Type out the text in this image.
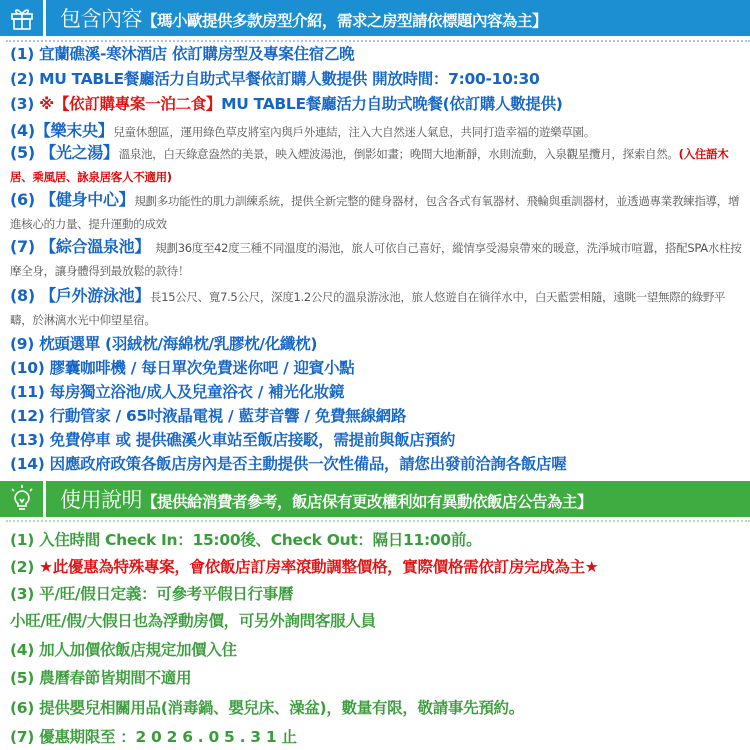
包含內容【瑪小歐提供多款房型介紹，需求之房型請依標題內容為主】
(1) 宜蘭礁溪-寒沐酒店 依訂購房型及專案住宿乙晚
(2) MU TABLE餐廳活力自助式早餐依訂購人數提供 開放時間：7:00-10:30
(3) ※【依訂購專案一泊二食】MU TABLE餐廳活力自助式晚餐(依訂購人數提供)
(4)【樂末央】兒童休憩區，運用綠色草皮將室內與戶外連結，注入大自然迷人氣息，共同打造幸福的遊樂草園。
(5) 【光之湯】溫泉池，白天綠意盎然的美景，映入煙波湯池，倒影如畫；晚間大地漸靜，水則流動，入泉觀星攬月，探索自然。(入住語木居、乘風居、詠泉居客人不適用)
(6) 【健身中心】規劃多功能性的肌力訓練系統，提供全新完整的健身器材，包含各式有氧器材、飛輪與重訓器材，並透過專業教練指導，增進核心的力量、提升運動的成效
(7) 【綜合溫泉池】 規劃36度至42度三種不同溫度的湯池，旅人可依自己喜好，縱情享受湯泉帶來的暖意，洗淨城市喧囂，搭配SPA水柱按摩全身，讓身體得到最放鬆的款待！
(8) 【戶外游泳池】長15公尺、寬7.5公尺，深度1.2公尺的溫泉游泳池，旅人悠遊自在徜徉水中，白天藍雲相隨，遠眺一望無際的綠野平疇，於淋漓水光中仰望星宿。
(9) 枕頭選單 (羽絨枕/海綿枕/乳膠枕/化纖枕)
(10) 膠囊咖啡機 / 每日單次免費迷你吧 / 迎賓小點
(11) 每房獨立浴池/成人及兒童浴衣 / 補光化妝鏡
(12) 行動管家 / 65吋液晶電視 / 藍芽音響 / 免費無線網路
(13) 免費停車 或 提供礁溪火車站至飯店接駁，需提前與飯店預約
(14) 因應政府政策各飯店房內是否主動提供一次性備品，請您出發前洽詢各飯店喔
使用說明【提供給消費者參考，飯店保有更改權利如有異動依飯店公告為主】
(1) 入住時間 Check In：15:00後、Check Out：隔日11:00前。
(2) ★此優惠為特殊專案，會依飯店訂房率滾動調整價格，實際價格需依訂房完成為主★
(3) 平/旺/假日定義：可參考平假日行事曆
小旺/旺/假/大假日也為浮動房價，可另外詢問客服人員
(4) 加人加價依飯店規定加價入住
(5) 農曆春節皆期間不適用
(6) 提供嬰兒相關用品(消毒鍋、嬰兒床、澡盆)，數量有限，敬請事先預約。
(7) 優惠期限至 ：2 0 2 6 . 0 5 . 3 1 止
